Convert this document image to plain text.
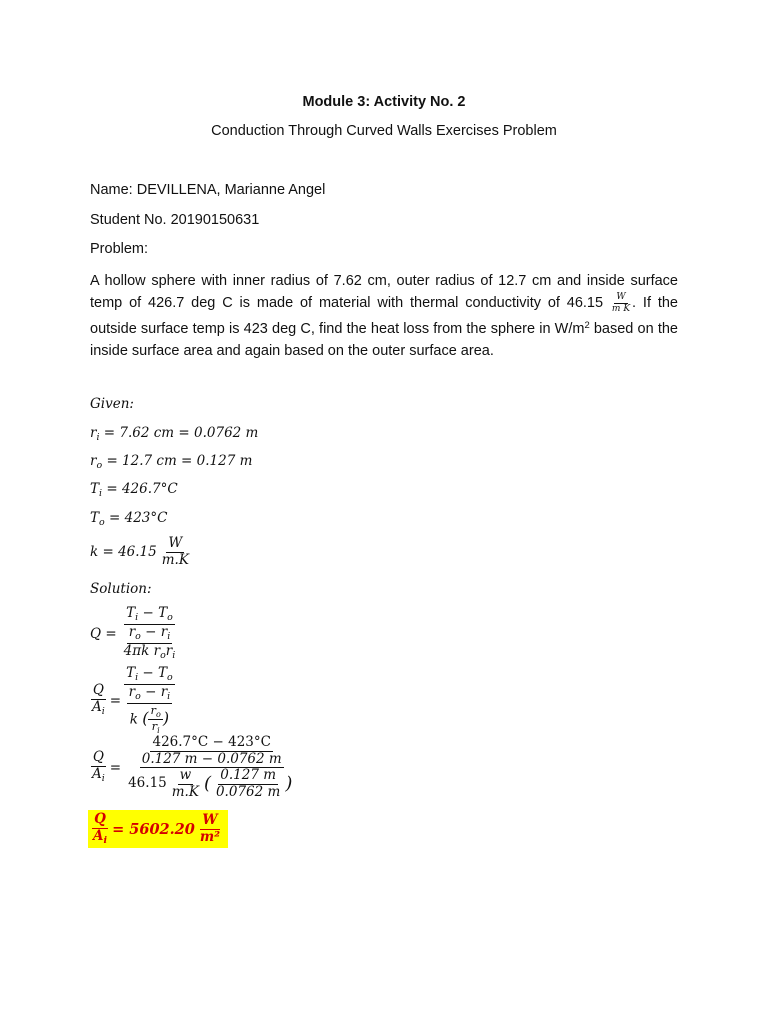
Module 3: Activity No. 2
Conduction Through Curved Walls Exercises Problem
Name: DEVILLENA, Marianne Angel
Student No. 20190150631
Problem:
A hollow sphere with inner radius of 7.62 cm, outer radius of 12.7 cm and inside surface temp of 426.7 deg C is made of material with thermal conductivity of $46.15 \frac{W}{\text{m K}}$ . If the outside surface temp is 423 deg C, find the heat loss from the sphere in $W/m^2$ based on the inside surface area and again based on the outer surface area.
Given:
$r_i = 7.62$ cm = 0.0762 m
$r_o = 12.7$ cm = 0.127 m
$T_i = 426.7^\circ C$
$T_o = 423^\circ C$
$k = 46.15 \frac{W}{m.K}$
Solution:
$Q = \frac{T_i - T_o}{\frac{r_o - r_i}{4\pi k r_or_i}}$
$\frac{Q}{A_i} = \frac{T_i - T_o}{\frac{r_o - r_i}{k ( \frac{r_o}{r_i} )}}$
$\frac{Q}{A_i}$ =
426.7°C − 423°C
0.127 m − 0.0762 m
$46.15 \frac{w}{m.K}$ ( $\frac{0.127 m}{0.0762 m}$ )
$\frac{Q}{A_i} = 5602.20 \frac{W}{\text{m²}}$
